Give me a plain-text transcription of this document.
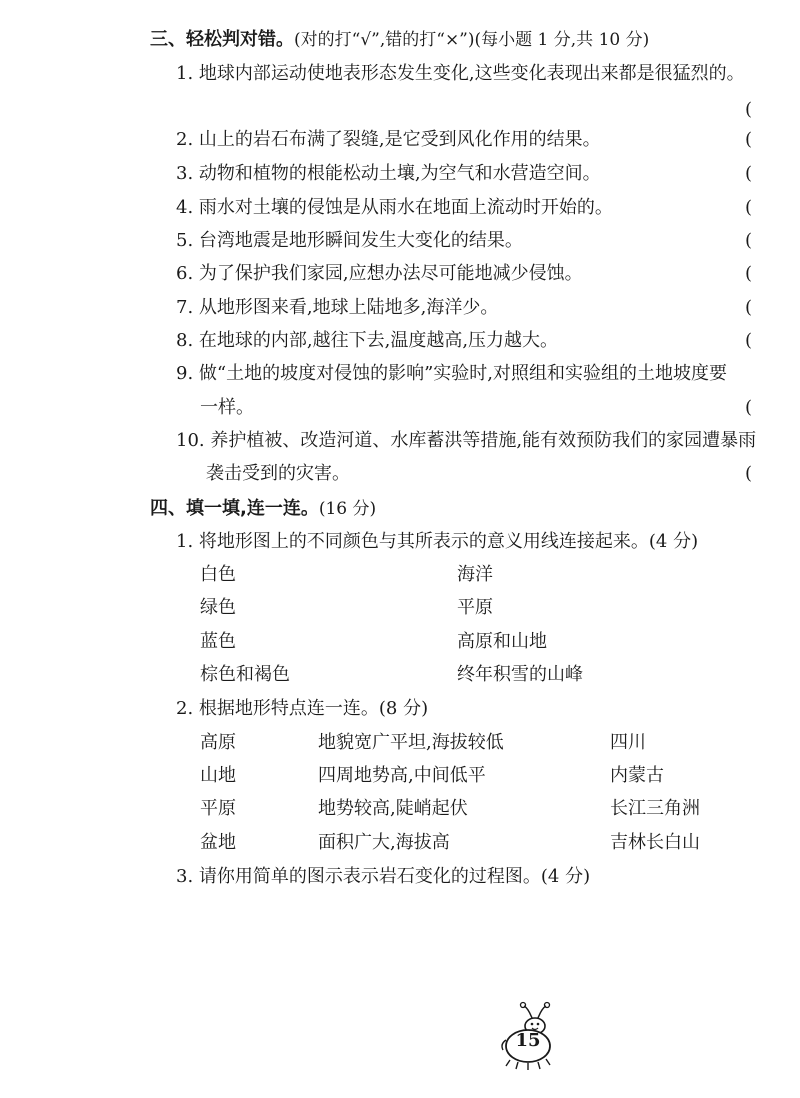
三、轻松判对错。(对的打“√”,错的打“×”)(每小题 1 分,共 10 分)
1. 地球内部运动使地表形态发生变化,这些变化表现出来都是很猛烈的。
(
2. 山上的岩石布满了裂缝,是它受到风化作用的结果。	(
3. 动物和植物的根能松动土壤,为空气和水营造空间。	(
4. 雨水对土壤的侵蚀是从雨水在地面上流动时开始的。	(
5. 台湾地震是地形瞬间发生大变化的结果。	(
6. 为了保护我们家园,应想办法尽可能地减少侵蚀。	(
7. 从地形图来看,地球上陆地多,海洋少。	(
8. 在地球的内部,越往下去,温度越高,压力越大。	(
9. 做“土地的坡度对侵蚀的影响”实验时,对照组和实验组的土地坡度要
一样。	(
10. 养护植被、改造河道、水库蓄洪等措施,能有效预防我们的家园遭暴雨
袭击受到的灾害。	(
四、填一填,连一连。(16 分)
1. 将地形图上的不同颜色与其所表示的意义用线连接起来。(4 分)
白色	海洋
绿色	平原
蓝色	高原和山地
棕色和褐色	终年积雪的山峰
2. 根据地形特点连一连。(8 分)
高原	地貌宽广平坦,海拔较低	四川
山地	四周地势高,中间低平	内蒙古
平原	地势较高,陡峭起伏	长江三角洲
盆地	面积广大,海拔高	吉林长白山
3. 请你用简单的图示表示岩石变化的过程图。(4 分)
15
